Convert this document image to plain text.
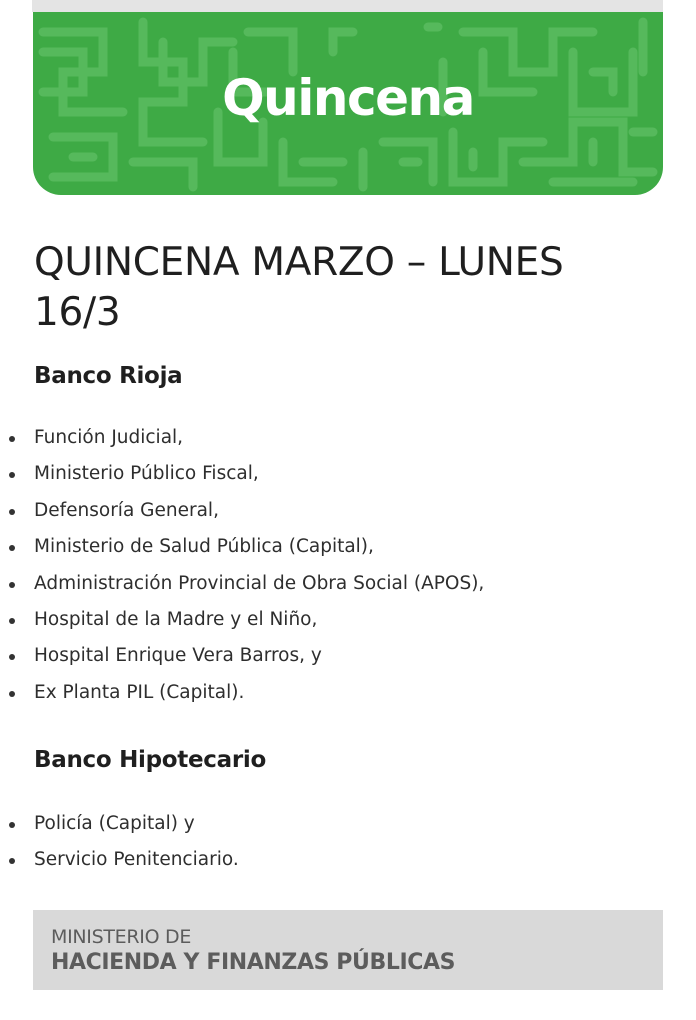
Quincena
QUINCENA MARZO – LUNES 16/3
Banco Rioja
Función Judicial,
Ministerio Público Fiscal,
Defensoría General,
Ministerio de Salud Pública (Capital),
Administración Provincial de Obra Social (APOS),
Hospital de la Madre y el Niño,
Hospital Enrique Vera Barros, y
Ex Planta PIL (Capital).
Banco Hipotecario
Policía (Capital) y
Servicio Penitenciario.
MINISTERIO DE
HACIENDA Y FINANZAS PÚBLICAS
